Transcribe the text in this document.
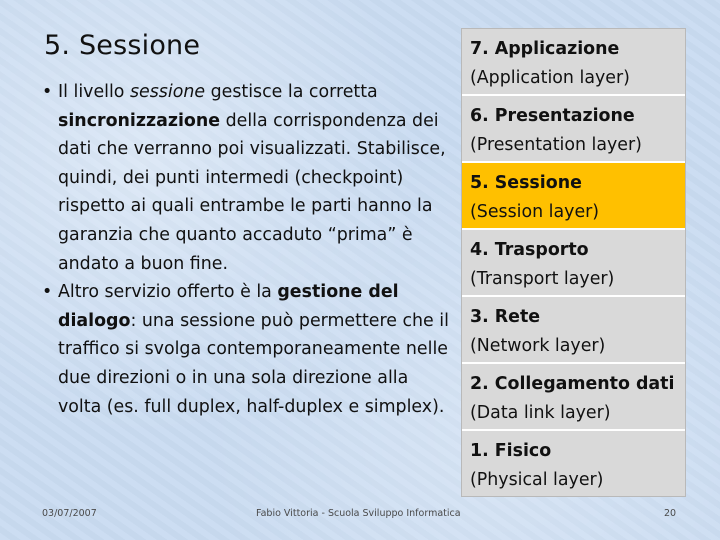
5. Sessione

• Il livello sessione gestisce la corretta sincronizzazione della corrispondenza dei dati che verranno poi visualizzati. Stabilisce, quindi, dei punti intermedi (checkpoint) rispetto ai quali entrambe le parti hanno la garanzia che quanto accaduto “prima” è andato a buon fine.

• Altro servizio offerto è la gestione del dialogo: una sessione può permettere che il traffico si svolga contemporaneamente nelle due direzioni o in una sola direzione alla volta (es. full duplex, half-duplex e simplex).

7. Applicazione
(Application layer)
6. Presentazione
(Presentation layer)
5. Sessione
(Session layer)
4. Trasporto
(Transport layer)
3. Rete
(Network layer)
2. Collegamento dati
(Data link layer)
1. Fisico
(Physical layer)
03/07/2007	Fabio Vittoria - Scuola Sviluppo Informatica	20
